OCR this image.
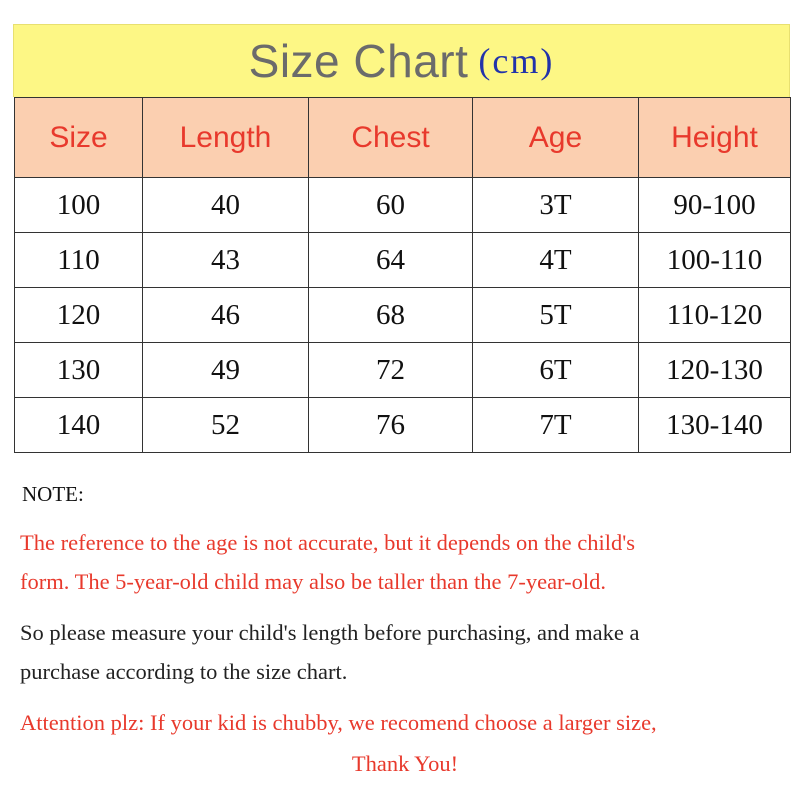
Size Chart (cm)
Size	Length	Chest	Age	Height
100	40	60	3T	90-100
110	43	64	4T	100-110
120	46	68	5T	110-120
130	49	72	6T	120-130
140	52	76	7T	130-140

NOTE:

The reference to the age is not accurate, but it depends on the child's

form. The 5-year-old child may also be taller than the 7-year-old.

So please measure your child's length before purchasing, and make a

purchase according to the size chart.

Attention plz: If your kid is chubby, we recomend choose a larger size,

Thank You!
